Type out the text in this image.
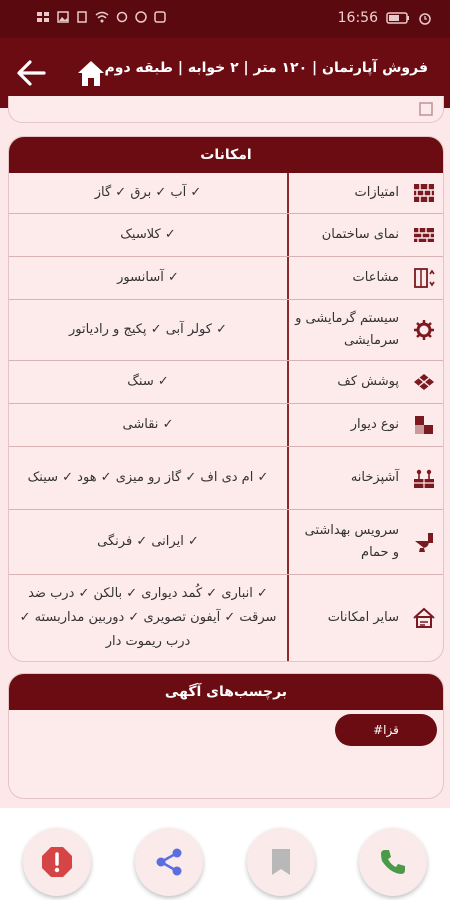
16:56
فروش آپارتمان | ۱۲۰ متر | ۲ خوابه | طبقه دوم
امکانات
امتیازات
✓ آب ✓ برق ✓ گاز
نمای ساختمان
✓ کلاسیک
مشاعات
✓ آسانسور
سیستم گرمایشی و سرمایشی
✓ کولر آبی ✓ پکیج و رادیاتور
پوشش کف
✓ سنگ
نوع دیوار
✓ نقاشی
آشپزخانه
✓ ام دی اف ✓ گاز رو میزی ✓ هود ✓ سینک
سرویس بهداشتی و حمام
✓ ایرانی ✓ فرنگی
سایر امکانات
✓ انباری ✓ کُمد دیواری ✓ بالکن ✓ درب ضد سرقت ✓ آیفون تصویری ✓ دوربین مداربسته ✓ درب ریموت دار
برچسب‌های آگهی
#قزا
